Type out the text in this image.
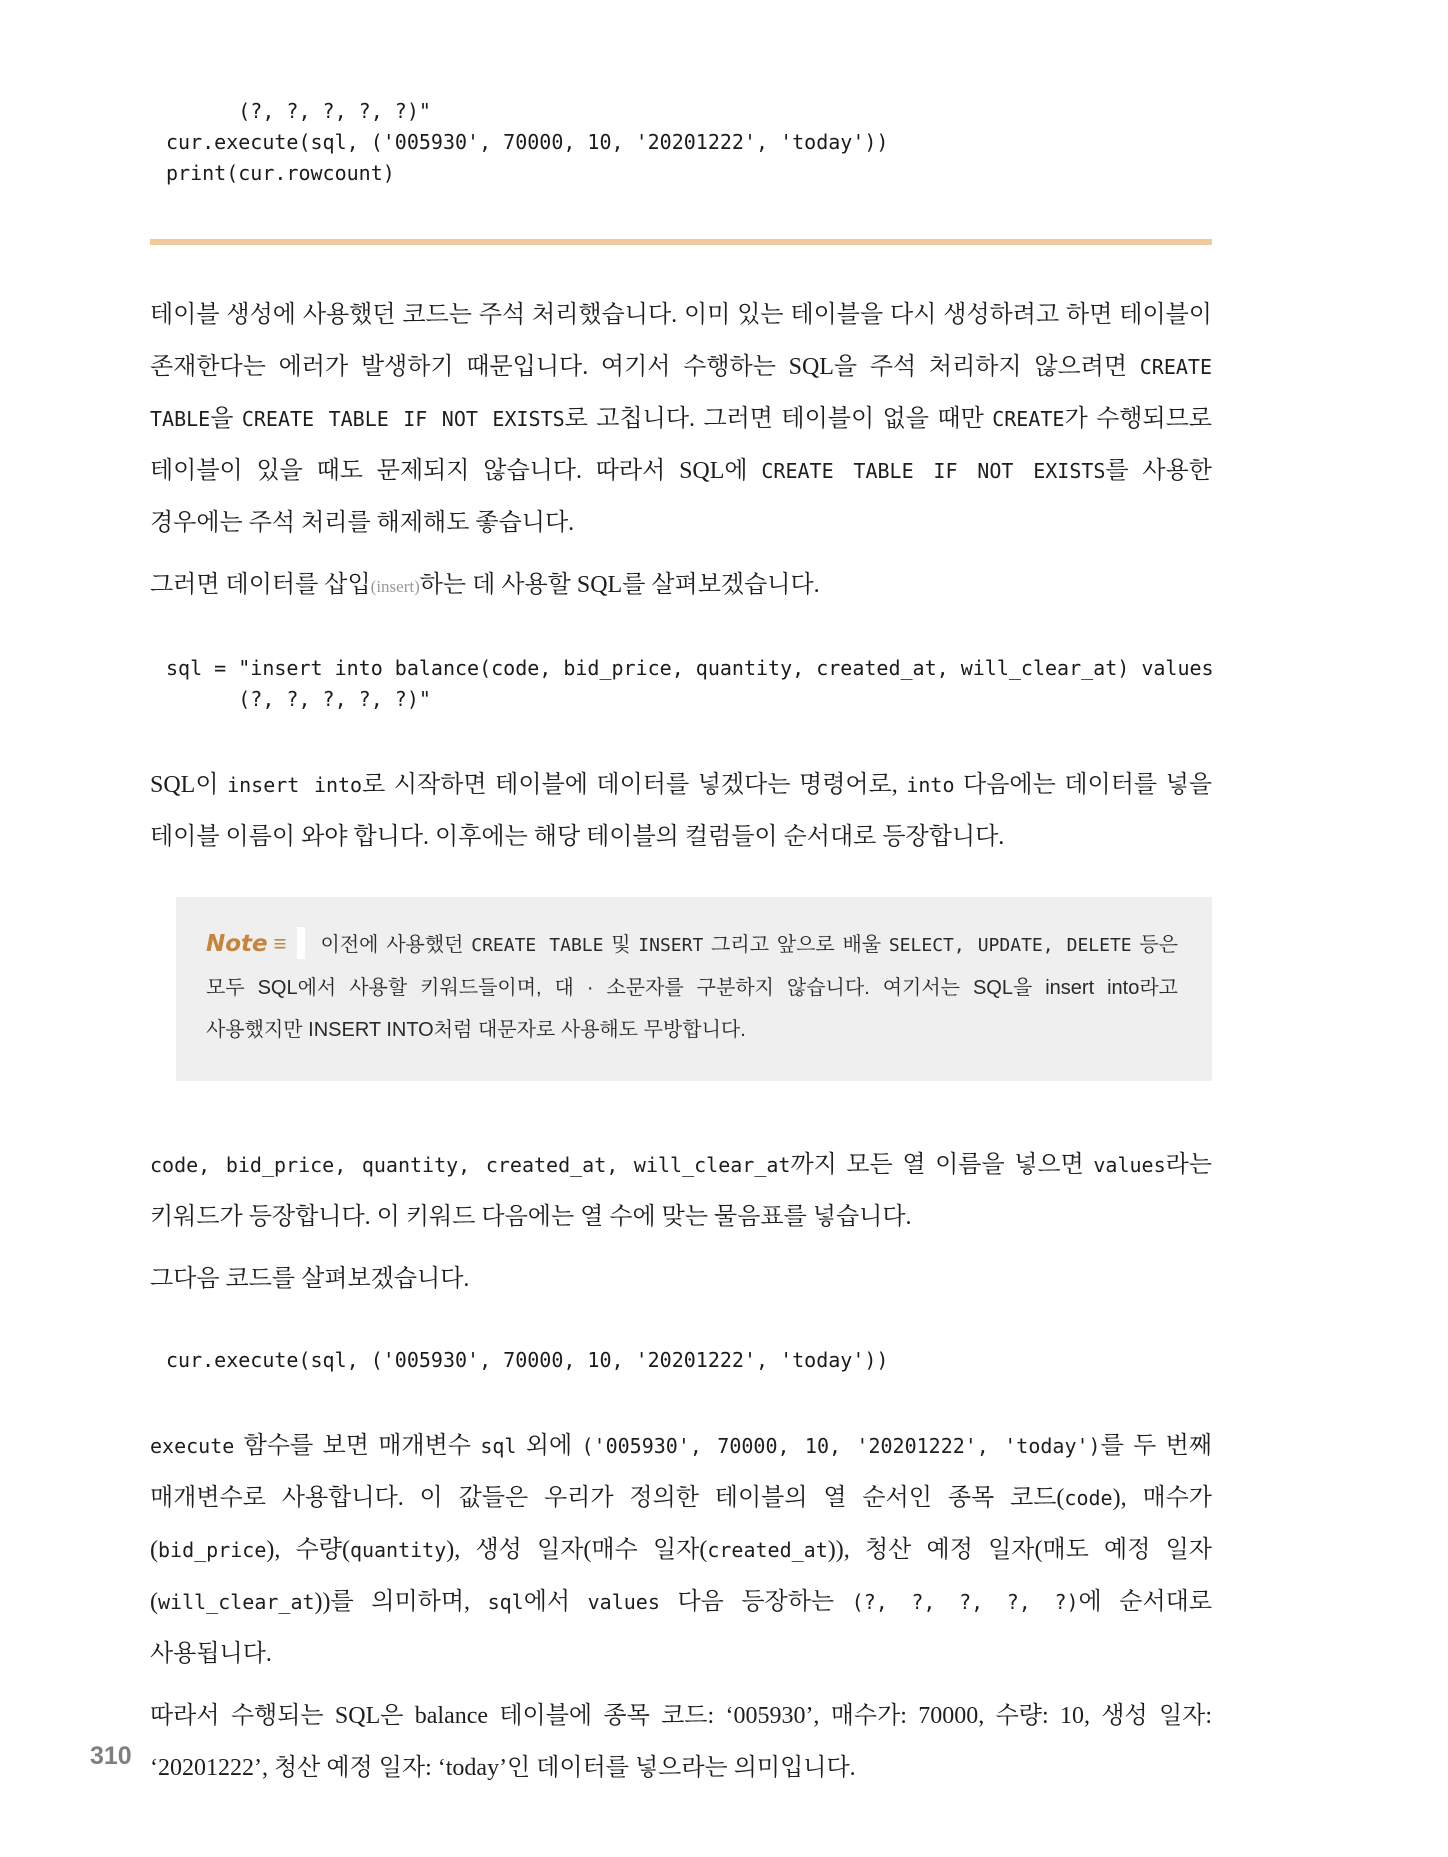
(?, ?, ?, ?, ?)"
cur.execute(sql, ('005930', 70000, 10, '20201222', 'today'))
print(cur.rowcount)

테이블 생성에 사용했던 코드는 주석 처리했습니다. 이미 있는 테이블을 다시 생성하려고 하면 테이블이 존재한다는 에러가 발생하기 때문입니다. 여기서 수행하는 SQL을 주석 처리하지 않으려면 CREATE TABLE을 CREATE TABLE IF NOT EXISTS로 고칩니다. 그러면 테이블이 없을 때만 CREATE가 수행되므로 테이블이 있을 때도 문제되지 않습니다. 따라서 SQL에 CREATE TABLE IF NOT EXISTS를 사용한 경우에는 주석 처리를 해제해도 좋습니다.

그러면 데이터를 삽입(insert)하는 데 사용할 SQL를 살펴보겠습니다.

sql = "insert into balance(code, bid_price, quantity, created_at, will_clear_at) values
(?, ?, ?, ?, ?)"

SQL이 insert into로 시작하면 테이블에 데이터를 넣겠다는 명령어로, into 다음에는 데이터를 넣을 테이블 이름이 와야 합니다. 이후에는 해당 테이블의 컬럼들이 순서대로 등장합니다.

Note ≡ 이전에 사용했던 CREATE TABLE 및 INSERT 그리고 앞으로 배울 SELECT, UPDATE, DELETE 등은 모두 SQL에서 사용할 키워드들이며, 대 · 소문자를 구분하지 않습니다. 여기서는 SQL을 insert into라고 사용했지만 INSERT INTO처럼 대문자로 사용해도 무방합니다.

code, bid_price, quantity, created_at, will_clear_at까지 모든 열 이름을 넣으면 values라는 키워드가 등장합니다. 이 키워드 다음에는 열 수에 맞는 물음표를 넣습니다.

그다음 코드를 살펴보겠습니다.

cur.execute(sql, ('005930', 70000, 10, '20201222', 'today'))

execute 함수를 보면 매개변수 sql 외에 ('005930', 70000, 10, '20201222', 'today')를 두 번째 매개변수로 사용합니다. 이 값들은 우리가 정의한 테이블의 열 순서인 종목 코드(code), 매수가(bid_price), 수량(quantity), 생성 일자(매수 일자(created_at)), 청산 예정 일자(매도 예정 일자(will_clear_at))를 의미하며, sql에서 values 다음 등장하는 (?, ?, ?, ?, ?)에 순서대로 사용됩니다.

따라서 수행되는 SQL은 balance 테이블에 종목 코드: ‘005930’, 매수가: 70000, 수량: 10, 생성 일자: ‘20201222’, 청산 예정 일자: ‘today’인 데이터를 넣으라는 의미입니다.

310
